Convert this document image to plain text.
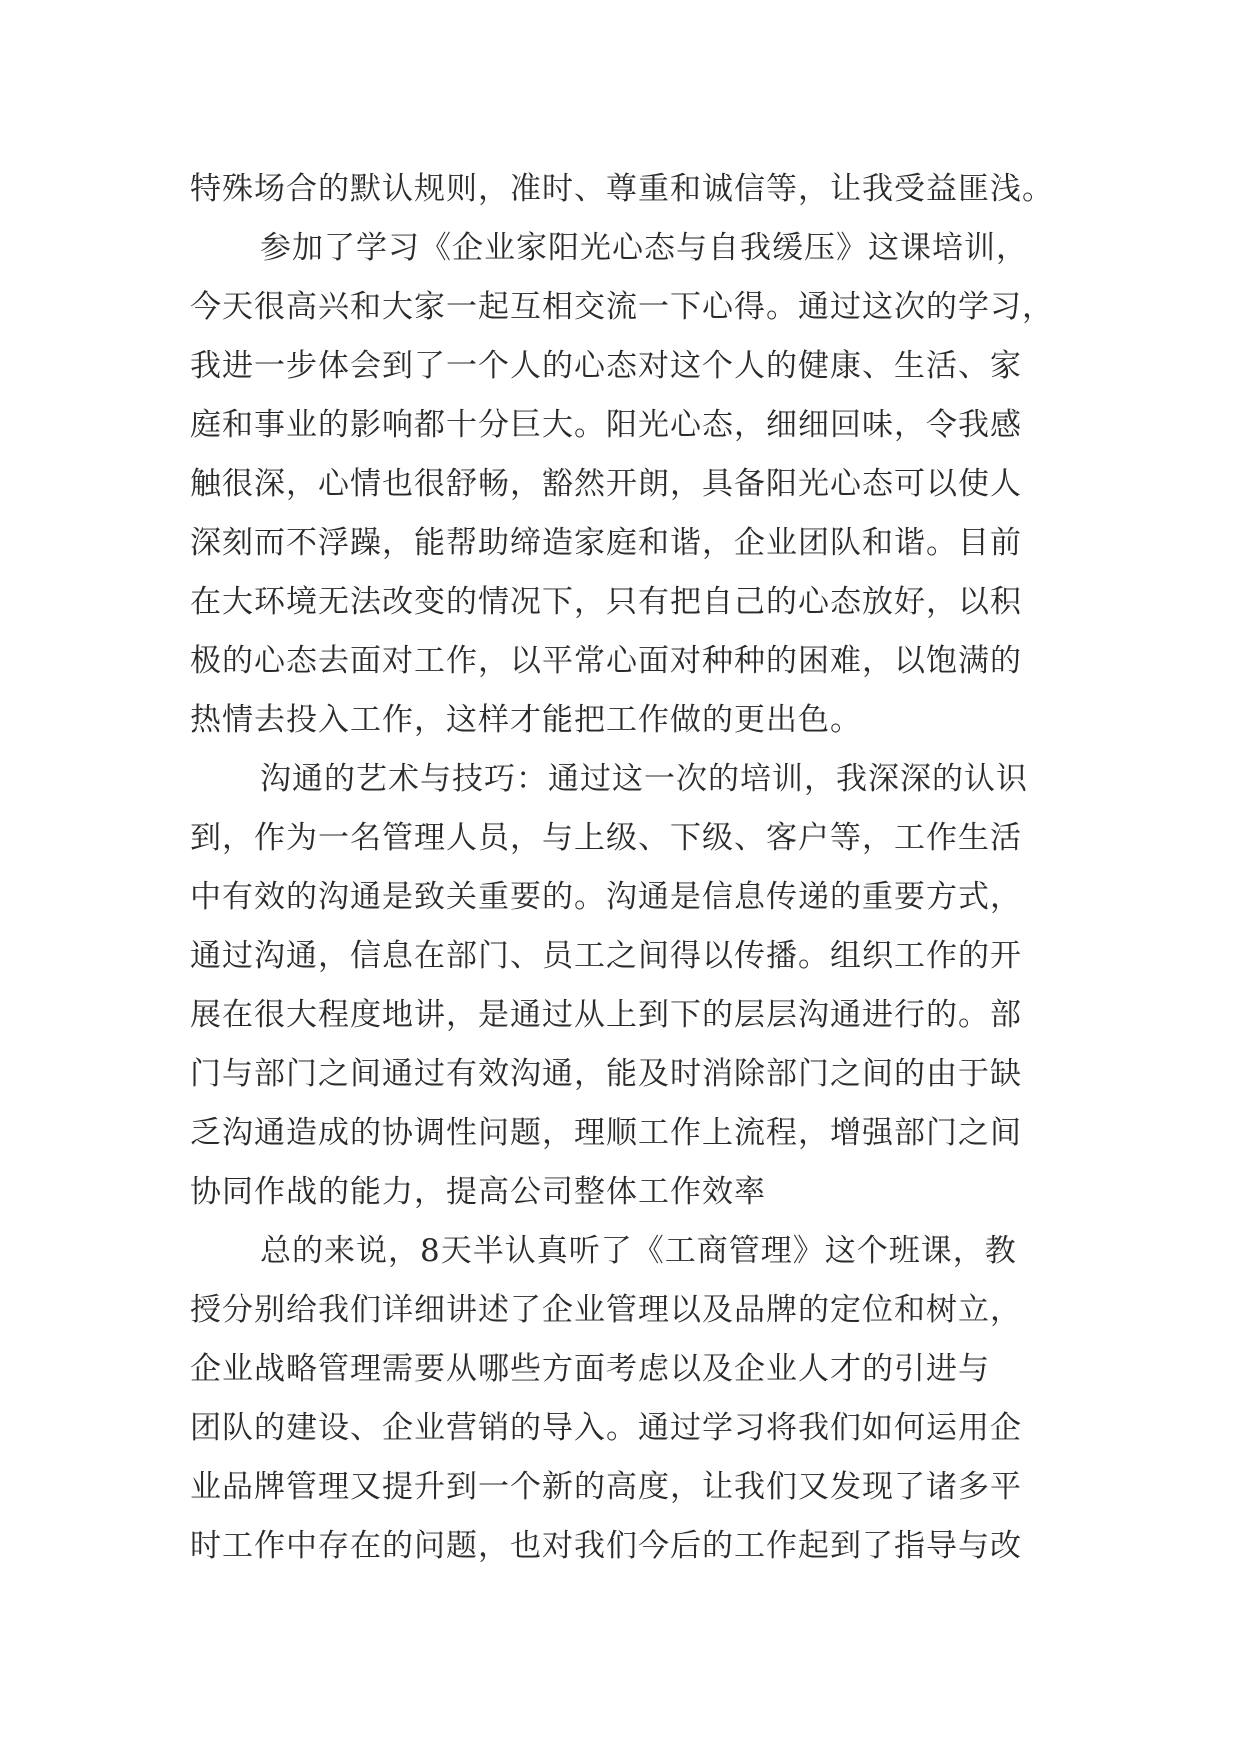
特殊场合的默认规则，准时、尊重和诚信等，让我受益匪浅。
参加了学习《企业家阳光心态与自我缓压》这课培训，
今天很高兴和大家一起互相交流一下心得。通过这次的学习，
我进一步体会到了一个人的心态对这个人的健康、生活、家
庭和事业的影响都十分巨大。阳光心态，细细回味，令我感
触很深，心情也很舒畅，豁然开朗，具备阳光心态可以使人
深刻而不浮躁，能帮助缔造家庭和谐，企业团队和谐。目前
在大环境无法改变的情况下，只有把自己的心态放好，以积
极的心态去面对工作，以平常心面对种种的困难，以饱满的
热情去投入工作，这样才能把工作做的更出色。
沟通的艺术与技巧：通过这一次的培训，我深深的认识
到，作为一名管理人员，与上级、下级、客户等，工作生活
中有效的沟通是致关重要的。沟通是信息传递的重要方式，
通过沟通，信息在部门、员工之间得以传播。组织工作的开
展在很大程度地讲，是通过从上到下的层层沟通进行的。部
门与部门之间通过有效沟通，能及时消除部门之间的由于缺
乏沟通造成的协调性问题，理顺工作上流程，增强部门之间
协同作战的能力，提高公司整体工作效率
总的来说，8天半认真听了《工商管理》这个班课，教
授分别给我们详细讲述了企业管理以及品牌的定位和树立，
企业战略管理需要从哪些方面考虑以及企业人才的引进与
团队的建设、企业营销的导入。通过学习将我们如何运用企
业品牌管理又提升到一个新的高度，让我们又发现了诸多平
时工作中存在的问题，也对我们今后的工作起到了指导与改
